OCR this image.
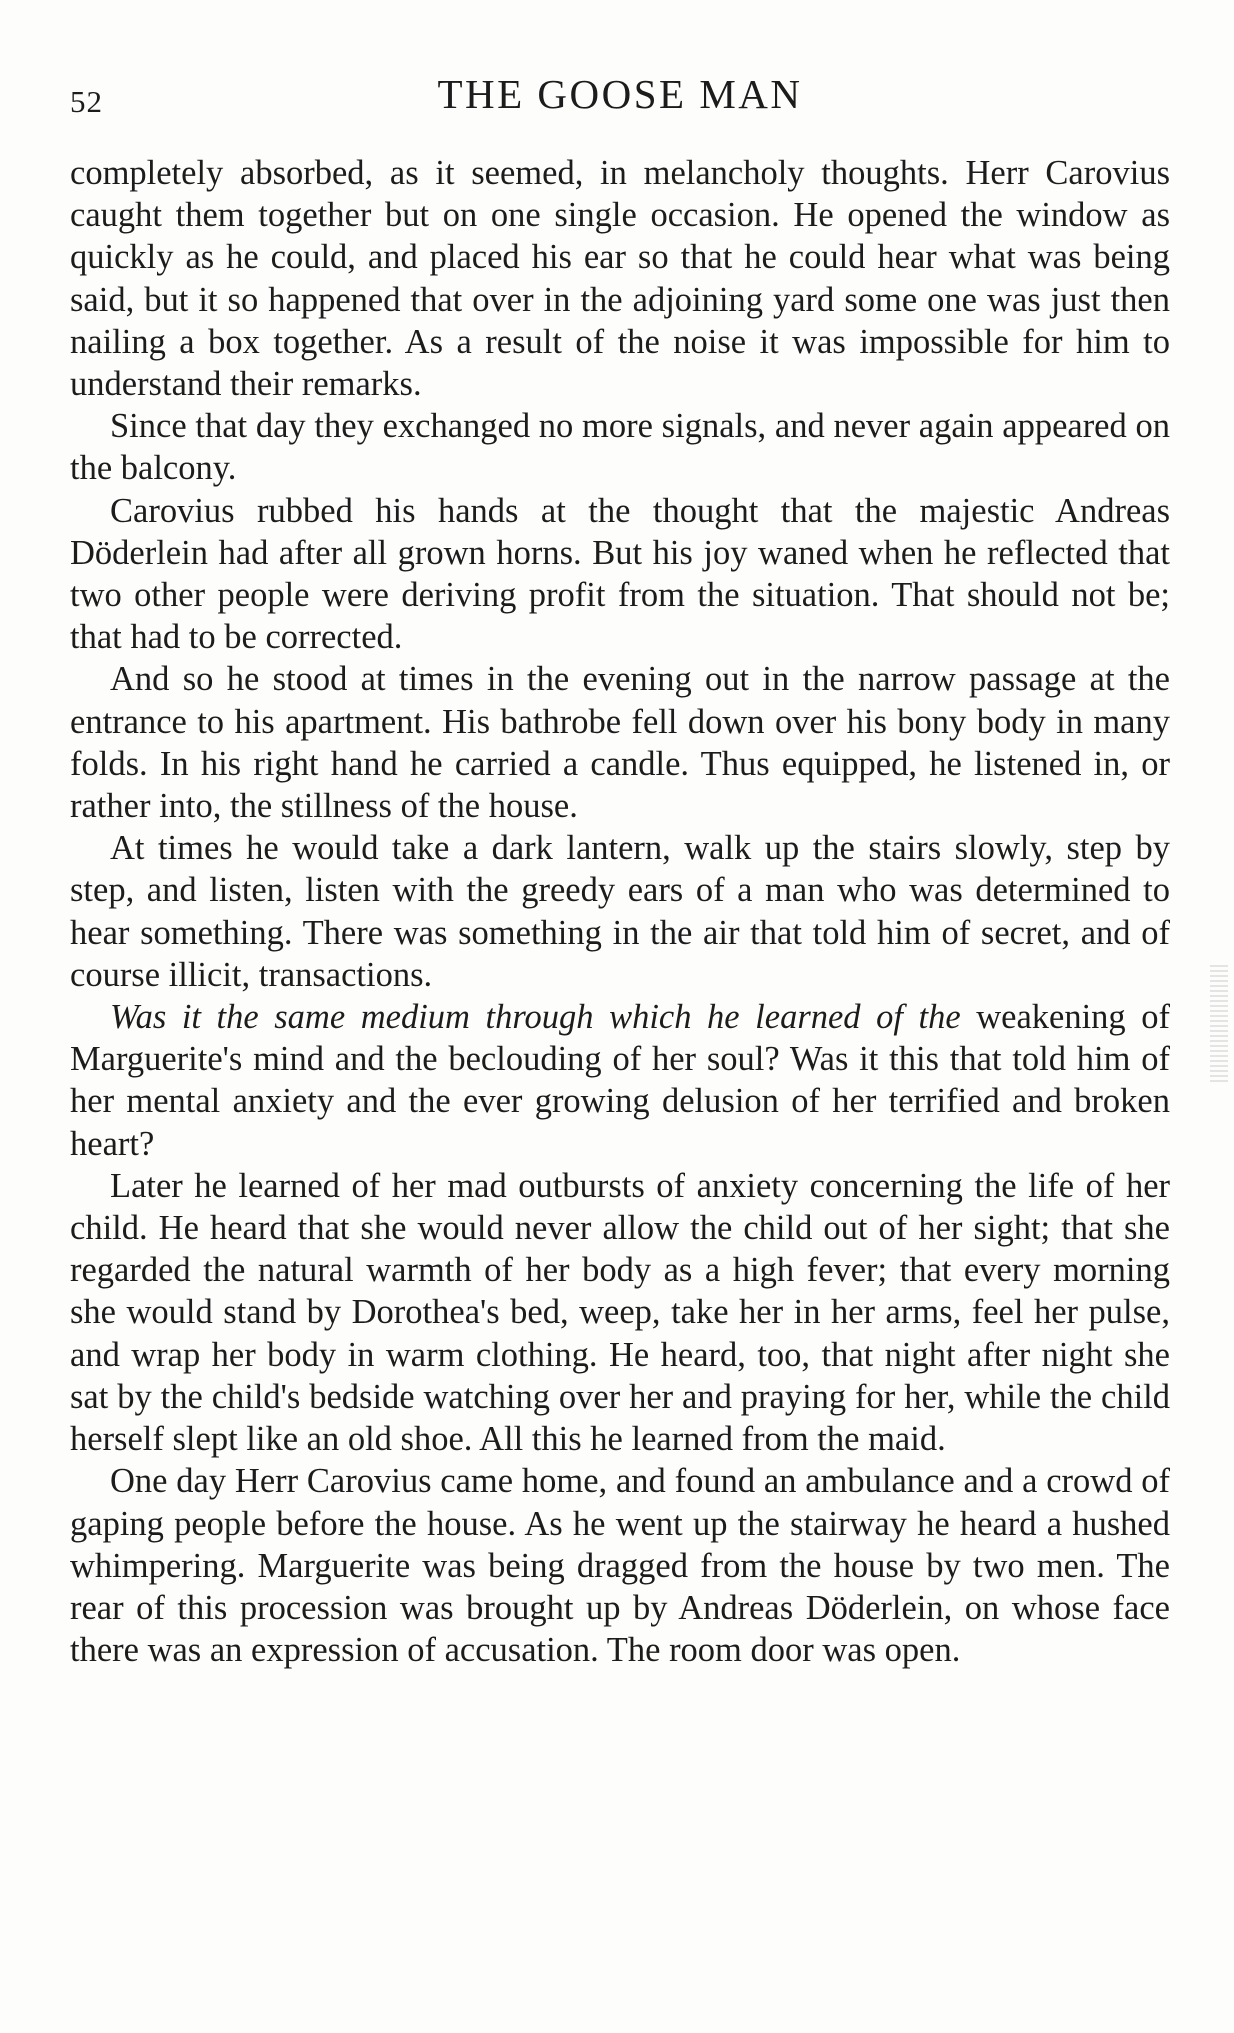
52	THE GOOSE MAN

completely absorbed, as it seemed, in melancholy thoughts. Herr Carovius caught them together but on one single occasion. He opened the window as quickly as he could, and placed his ear so that he could hear what was being said, but it so happened that over in the adjoining yard some one was just then nailing a box together. As a result of the noise it was impossible for him to understand their remarks.

Since that day they exchanged no more signals, and never again appeared on the balcony.

Carovius rubbed his hands at the thought that the majestic Andreas Döderlein had after all grown horns. But his joy waned when he reflected that two other people were deriving profit from the situation. That should not be; that had to be corrected.

And so he stood at times in the evening out in the narrow passage at the entrance to his apartment. His bathrobe fell down over his bony body in many folds. In his right hand he carried a candle. Thus equipped, he listened in, or rather into, the stillness of the house.

At times he would take a dark lantern, walk up the stairs slowly, step by step, and listen, listen with the greedy ears of a man who was determined to hear something. There was something in the air that told him of secret, and of course illicit, transactions.

Was it the same medium through which he learned of the weakening of Marguerite's mind and the beclouding of her soul? Was it this that told him of her mental anxiety and the ever growing delusion of her terrified and broken heart?

Later he learned of her mad outbursts of anxiety concerning the life of her child. He heard that she would never allow the child out of her sight; that she regarded the natural warmth of her body as a high fever; that every morning she would stand by Dorothea's bed, weep, take her in her arms, feel her pulse, and wrap her body in warm clothing. He heard, too, that night after night she sat by the child's bedside watching over her and praying for her, while the child herself slept like an old shoe. All this he learned from the maid.

One day Herr Carovius came home, and found an ambulance and a crowd of gaping people before the house. As he went up the stairway he heard a hushed whimpering. Marguerite was being dragged from the house by two men. The rear of this procession was brought up by Andreas Döderlein, on whose face there was an expression of accusation. The room door was open.
